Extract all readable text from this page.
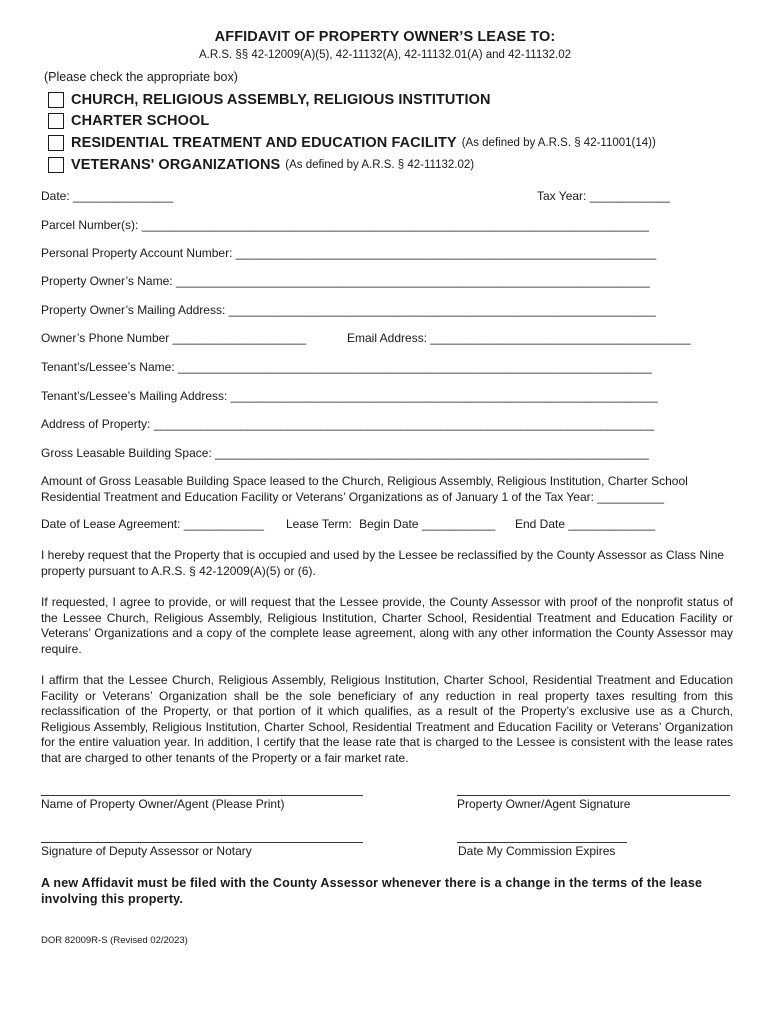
AFFIDAVIT OF PROPERTY OWNER’S LEASE TO:
A.R.S. §§ 42-12009(A)(5), 42-11132(A), 42-11132.01(A) and 42-11132.02
(Please check the appropriate box)
CHURCH, RELIGIOUS ASSEMBLY, RELIGIOUS INSTITUTION
CHARTER SCHOOL
RESIDENTIAL TREATMENT AND EDUCATION FACILITY (As defined by A.R.S. § 42-11001(14))
VETERANS' ORGANIZATIONS (As defined by A.R.S. § 42-11132.02)
Date: _______________	Tax Year: ____________
Parcel Number(s): ____________________________________________________________________________
Personal Property Account Number: _______________________________________________________________
Property Owner’s Name: _______________________________________________________________________
Property Owner’s Mailing Address: ________________________________________________________________
Owner’s Phone Number ____________________	Email Address: _______________________________________
Tenant’s/Lessee’s Name: _______________________________________________________________________
Tenant’s/Lessee’s Mailing Address: ________________________________________________________________
Address of Property: ___________________________________________________________________________
Gross Leasable Building Space: _________________________________________________________________
Amount of Gross Leasable Building Space leased to the Church, Religious Assembly, Religious Institution, Charter School
Residential Treatment and Education Facility or Veterans’ Organizations as of January 1 of the Tax Year: __________
Date of Lease Agreement: ____________ Lease Term: Begin Date ___________ End Date _____________

I hereby request that the Property that is occupied and used by the Lessee be reclassified by the County Assessor as Class Nine property pursuant to A.R.S. § 42-12009(A)(5) or (6).

If requested, I agree to provide, or will request that the Lessee provide, the County Assessor with proof of the nonprofit status of the Lessee Church, Religious Assembly, Religious Institution, Charter School, Residential Treatment and Education Facility or Veterans’ Organizations and a copy of the complete lease agreement, along with any other information the County Assessor may require.

I affirm that the Lessee Church, Religious Assembly, Religious Institution, Charter School, Residential Treatment and Education Facility or Veterans’ Organization shall be the sole beneficiary of any reduction in real property taxes resulting from this reclassification of the Property, or that portion of it which qualifies, as a result of the Property’s exclusive use as a Church, Religious Assembly, Religious Institution, Charter School, Residential Treatment and Education Facility or Veterans’ Organization for the entire valuation year. In addition, I certify that the lease rate that is charged to the Lessee is consistent with the lease rates that are charged to other tenants of the Property or a fair market rate.

Name of Property Owner/Agent (Please Print)	Property Owner/Agent Signature
Signature of Deputy Assessor or Notary	Date My Commission Expires
A new Affidavit must be filed with the County Assessor whenever there is a change in the terms of the lease involving this property.
DOR 82009R-S (Revised 02/2023)
